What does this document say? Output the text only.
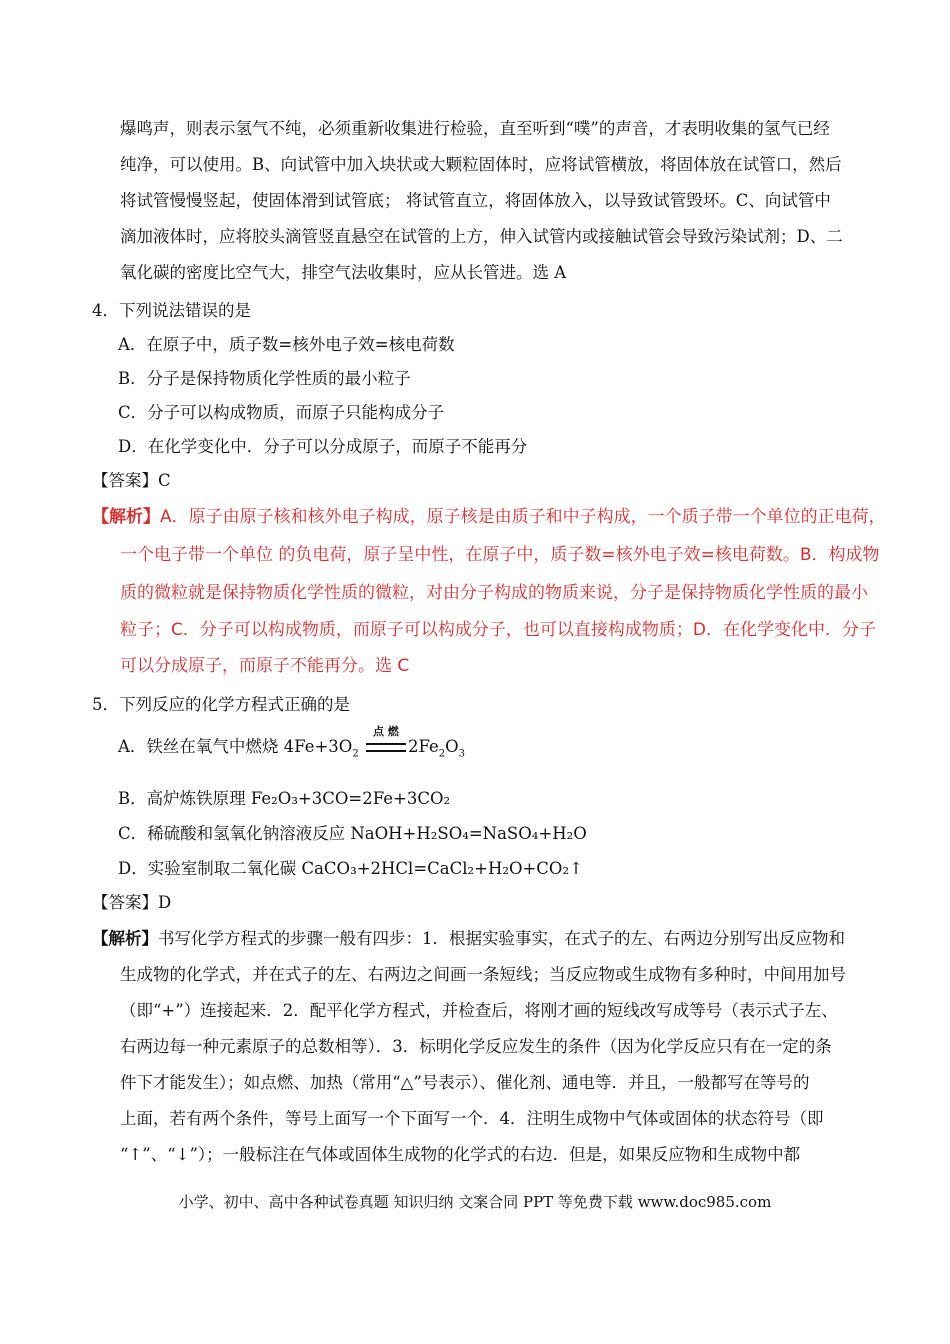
爆鸣声，则表示氢气不纯，必须重新收集进行检验，直至听到“噗”的声音，才表明收集的氢气已经
纯净，可以使用。B、向试管中加入块状或大颗粒固体时，应将试管横放，将固体放在试管口，然后
将试管慢慢竖起，使固体滑到试管底； 将试管直立，将固体放入，以导致试管毁坏。C、向试管中
滴加液体时，应将胶头滴管竖直悬空在试管的上方，伸入试管内或接触试管会导致污染试剂；D、二
氧化碳的密度比空气大，排空气法收集时，应从长管进。选 A
4．下列说法错误的是
A．在原子中，质子数=核外电子效=核电荷数
B．分子是保持物质化学性质的最小粒子
C．分子可以构成物质，而原子只能构成分子
D．在化学变化中．分子可以分成原子，而原子不能再分
【答案】C
【解析】A．原子由原子核和核外电子构成，原子核是由质子和中子构成，一个质子带一个单位的正电荷，
一个电子带一个单位 的负电荷，原子呈中性，在原子中，质子数=核外电子效=核电荷数。B．构成物
质的微粒就是保持物质化学性质的微粒，对由分子构成的物质来说，分子是保持物质化学性质的最小
粒子；C．分子可以构成物质，而原子可以构成分子，也可以直接构成物质；D．在化学变化中．分子
可以分成原子，而原子不能再分。选 C
5．下列反应的化学方程式正确的是
A．铁丝在氧气中燃烧 $4Fe+3O_2$
点 燃
$2Fe_2O_3$
B．高炉炼铁原理 Fe₂O₃+3CO=2Fe+3CO₂
C．稀硫酸和氢氧化钠溶液反应 NaOH+H₂SO₄=NaSO₄+H₂O
D．实验室制取二氧化碳 CaCO₃+2HCl=CaCl₂+H₂O+CO₂↑
【答案】D
【解析】书写化学方程式的步骤一般有四步：1．根据实验事实，在式子的左、右两边分别写出反应物和
生成物的化学式，并在式子的左、右两边之间画一条短线；当反应物或生成物有多种时，中间用加号
（即“+”）连接起来．2．配平化学方程式，并检查后，将刚才画的短线改写成等号（表示式子左、
右两边每一种元素原子的总数相等）．3．标明化学反应发生的条件（因为化学反应只有在一定的条
件下才能发生）；如点燃、加热（常用“△”号表示）、催化剂、通电等．并且，一般都写在等号的
上面，若有两个条件，等号上面写一个下面写一个．4．注明生成物中气体或固体的状态符号（即
“↑”、“↓”）；一般标注在气体或固体生成物的化学式的右边．但是，如果反应物和生成物中都
小学、初中、高中各种试卷真题 知识归纳 文案合同 PPT 等免费下载 www.doc985.com
